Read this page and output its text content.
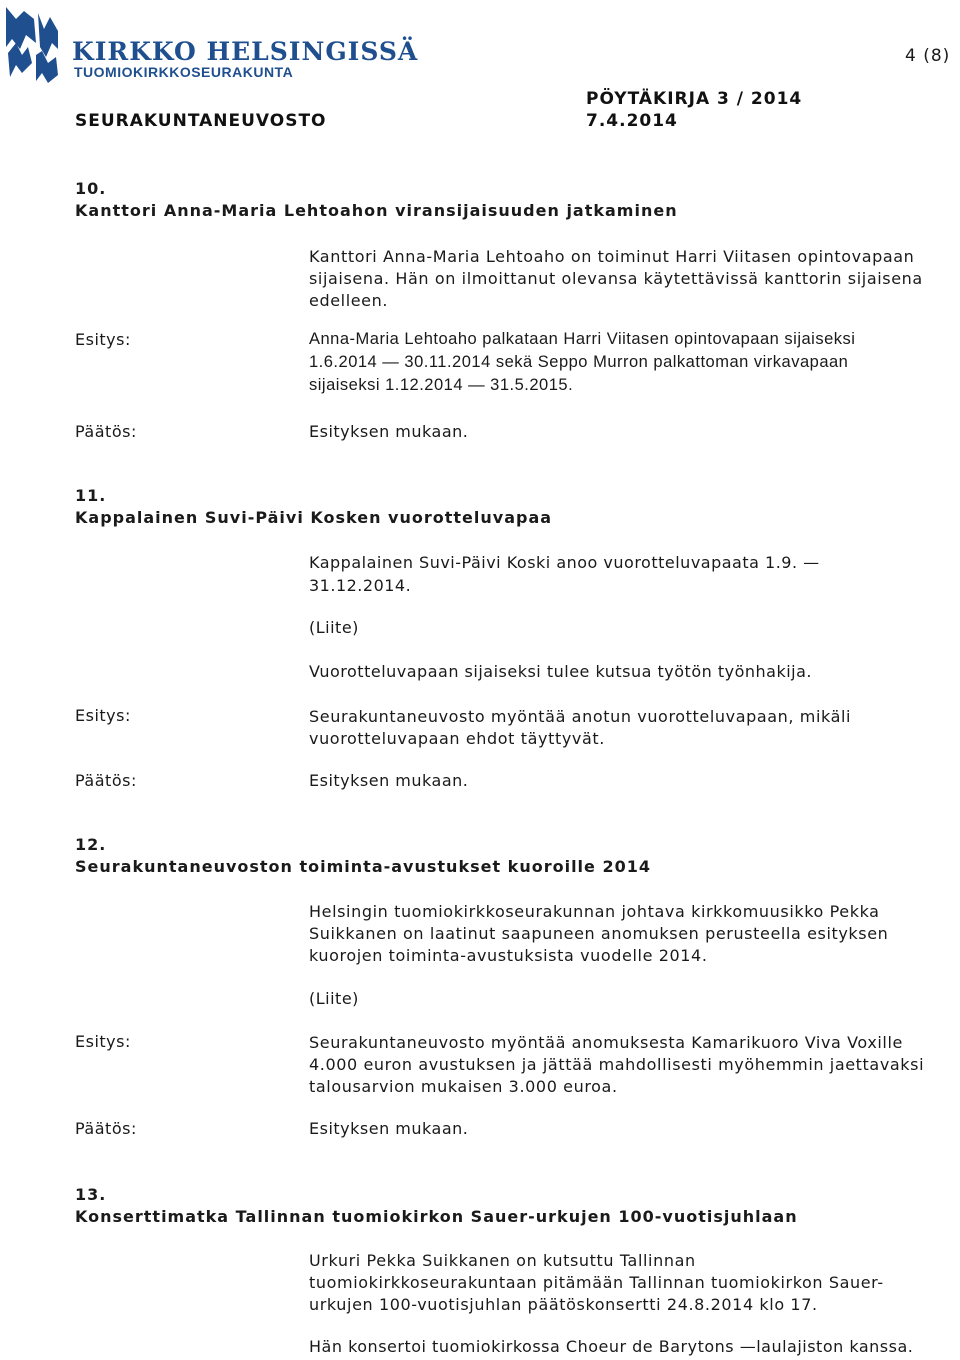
KIRKKO HELSINGISSÄ
TUOMIOKIRKKOSEURAKUNTA
4 (8)
PÖYTÄKIRJA 3 / 2014
SEURAKUNTANEUVOSTO	7.4.2014
10.
Kanttori Anna-Maria Lehtoahon viransijaisuuden jatkaminen
Kanttori Anna-Maria Lehtoaho on toiminut Harri Viitasen opintovapaan sijaisena. Hän on ilmoittanut olevansa käytettävissä kanttorin sijaisena edelleen.
Esitys:	Anna-Maria Lehtoaho palkataan Harri Viitasen opintovapaan sijaiseksi
1.6.2014 — 30.11.2014 sekä Seppo Murron palkattoman virkavapaan
sijaiseksi 1.12.2014 — 31.5.2015.
Päätös:	Esityksen mukaan.
11.
Kappalainen Suvi-Päivi Kosken vuorotteluvapaa
Kappalainen Suvi-Päivi Koski anoo vuorotteluvapaata 1.9. —
31.12.2014.
(Liite)
Vuorotteluvapaan sijaiseksi tulee kutsua työtön työnhakija.
Esitys:	Seurakuntaneuvosto myöntää anotun vuorotteluvapaan, mikäli vuorotteluvapaan ehdot täyttyvät.
Päätös:	Esityksen mukaan.
12.
Seurakuntaneuvoston toiminta-avustukset kuoroille 2014
Helsingin tuomiokirkkoseurakunnan johtava kirkkomuusikko Pekka Suikkanen on laatinut saapuneen anomuksen perusteella esityksen kuorojen toiminta-avustuksista vuodelle 2014.
(Liite)
Esitys:	Seurakuntaneuvosto myöntää anomuksesta Kamarikuoro Viva Voxille 4.000 euron avustuksen ja jättää mahdollisesti myöhemmin jaettavaksi talousarvion mukaisen 3.000 euroa.
Päätös:	Esityksen mukaan.
13.
Konserttimatka Tallinnan tuomiokirkon Sauer-urkujen 100-vuotisjuhlaan
Urkuri Pekka Suikkanen on kutsuttu Tallinnan tuomiokirkkoseurakuntaan pitämään Tallinnan tuomiokirkon Sauer-urkujen 100-vuotisjuhlan päätöskonsertti 24.8.2014 klo 17.
Hän konsertoi tuomiokirkossa Choeur de Barytons —laulajiston kanssa.
